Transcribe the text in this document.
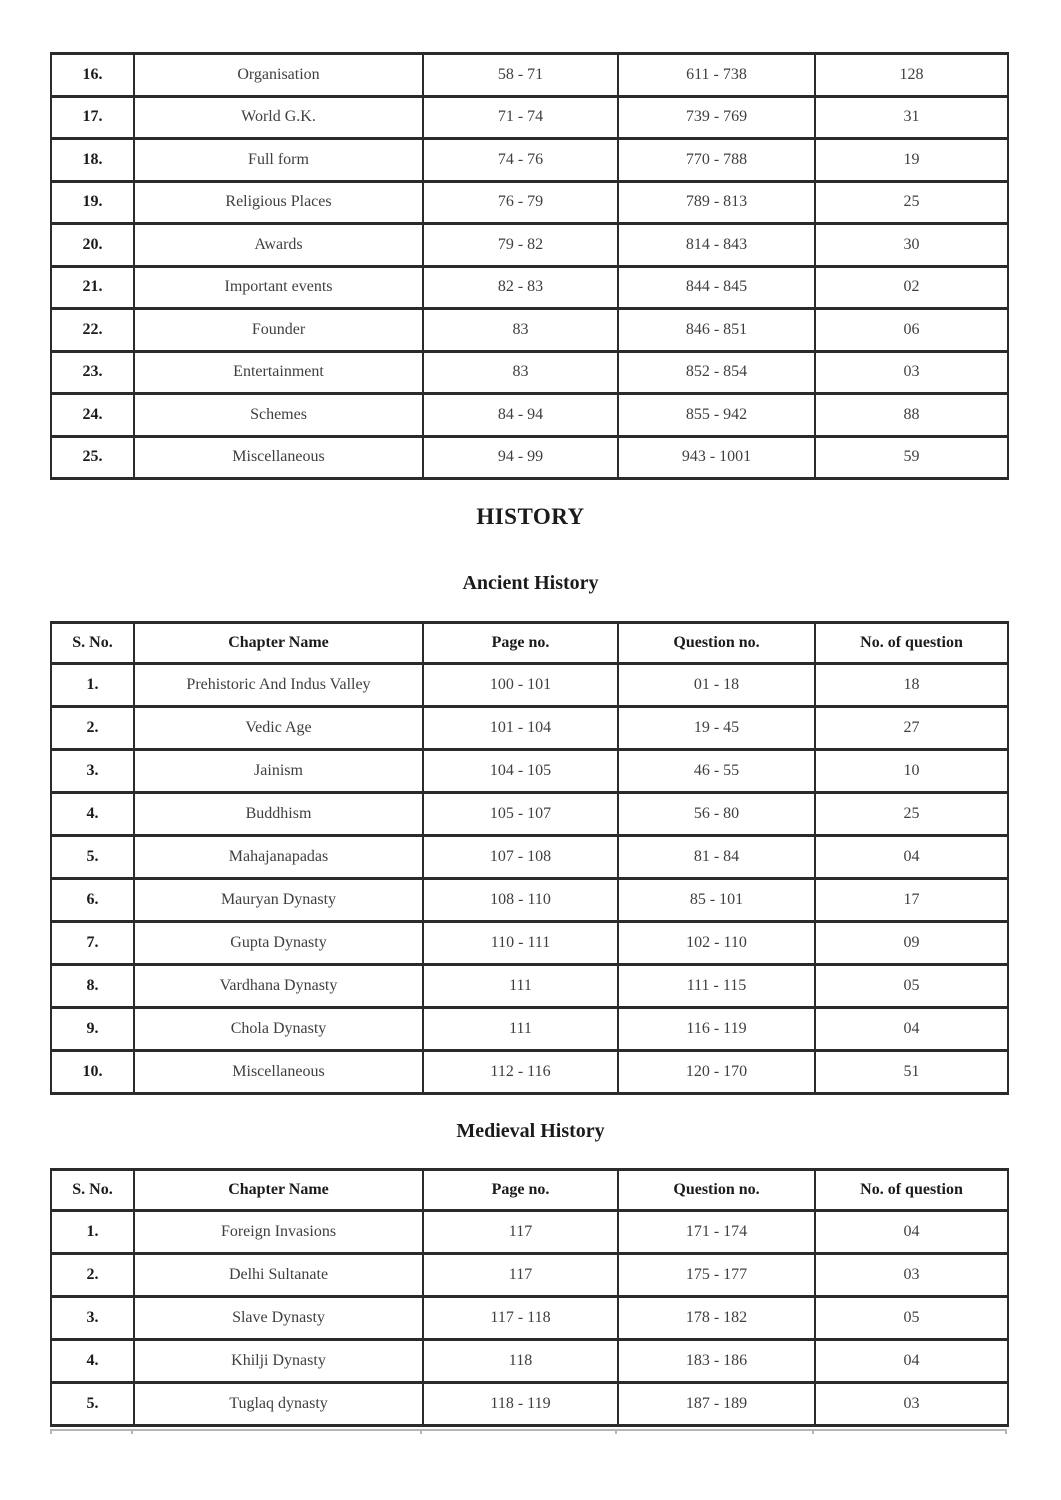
16.	Organisation	58 - 71	611 - 738	128
17.	World G.K.	71 - 74	739 - 769	31
18.	Full form	74 - 76	770 - 788	19
19.	Religious Places	76 - 79	789 - 813	25
20.	Awards	79 - 82	814 - 843	30
21.	Important events	82 - 83	844 - 845	02
22.	Founder	83	846 - 851	06
23.	Entertainment	83	852 - 854	03
24.	Schemes	84 - 94	855 - 942	88
25.	Miscellaneous	94 - 99	943 - 1001	59
HISTORY
Ancient History
S. No.	Chapter Name	Page no.	Question no.	No. of question
1.	Prehistoric And Indus Valley	100 - 101	01 - 18	18
2.	Vedic Age	101 - 104	19 - 45	27
3.	Jainism	104 - 105	46 - 55	10
4.	Buddhism	105 - 107	56 - 80	25
5.	Mahajanapadas	107 - 108	81 - 84	04
6.	Mauryan Dynasty	108 - 110	85 - 101	17
7.	Gupta Dynasty	110 - 111	102 - 110	09
8.	Vardhana Dynasty	111	111 - 115	05
9.	Chola Dynasty	111	116 - 119	04
10.	Miscellaneous	112 - 116	120 - 170	51
Medieval History
S. No.	Chapter Name	Page no.	Question no.	No. of question
1.	Foreign Invasions	117	171 - 174	04
2.	Delhi Sultanate	117	175 - 177	03
3.	Slave Dynasty	117 - 118	178 - 182	05
4.	Khilji Dynasty	118	183 - 186	04
5.	Tuglaq dynasty	118 - 119	187 - 189	03
